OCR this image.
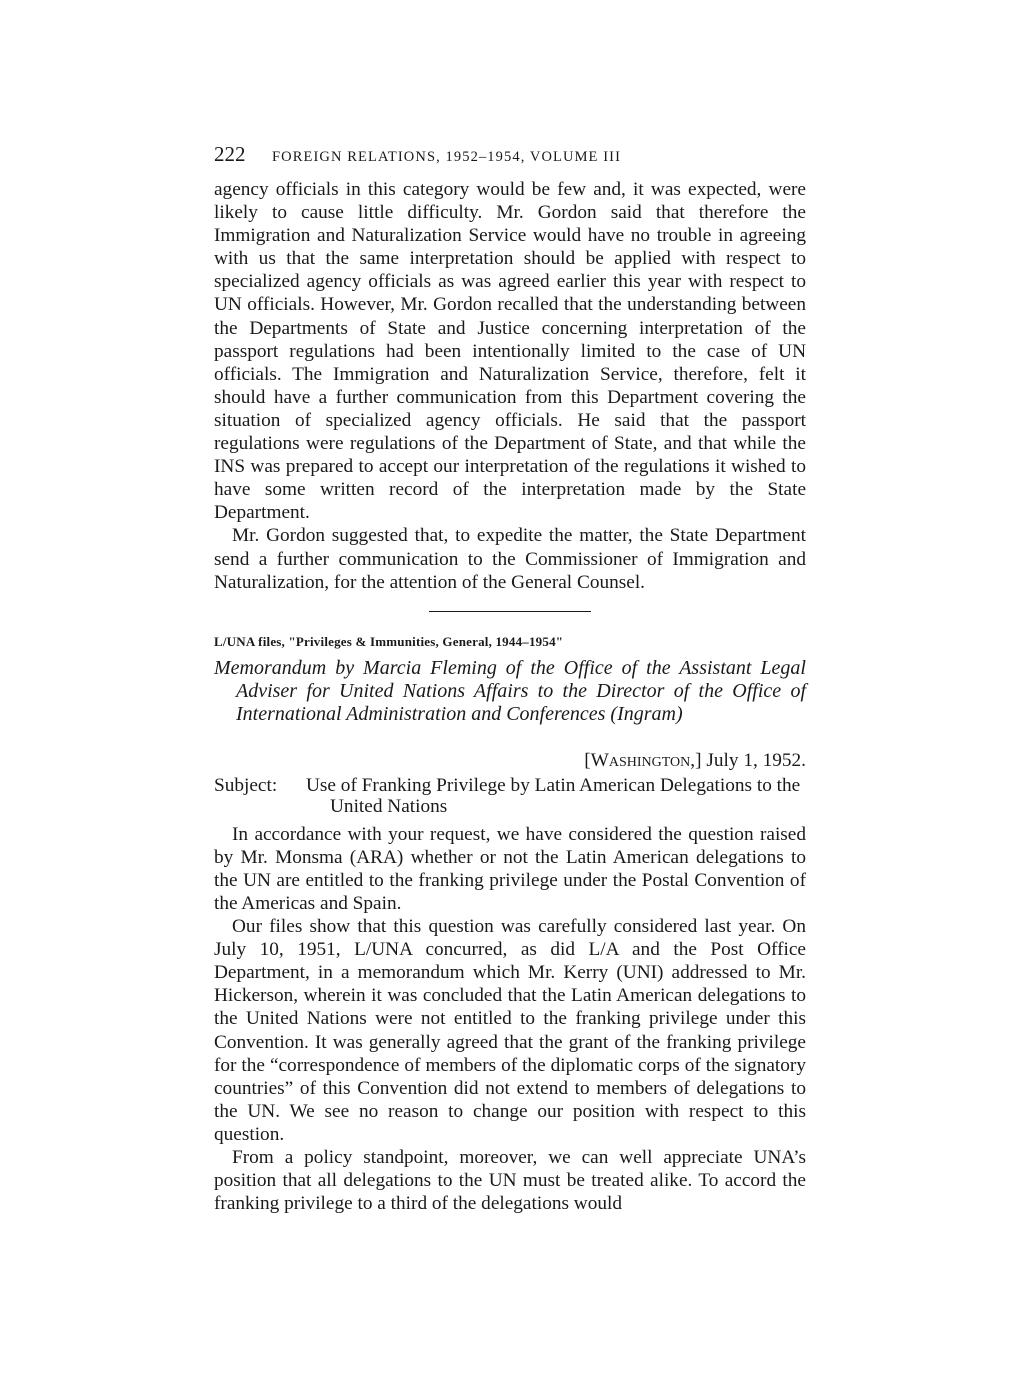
222	FOREIGN RELATIONS, 1952–1954, VOLUME III

agency officials in this category would be few and, it was expected, were likely to cause little difficulty. Mr. Gordon said that therefore the Immigration and Naturalization Service would have no trouble in agreeing with us that the same interpretation should be applied with respect to specialized agency officials as was agreed earlier this year with respect to UN officials. However, Mr. Gordon recalled that the understanding between the Departments of State and Justice concerning interpretation of the passport regulations had been intentionally limited to the case of UN officials. The Immigration and Naturalization Service, therefore, felt it should have a further communication from this Department covering the situation of specialized agency officials. He said that the passport regulations were regulations of the Department of State, and that while the INS was prepared to accept our interpretation of the regulations it wished to have some written record of the interpretation made by the State Department.

Mr. Gordon suggested that, to expedite the matter, the State Department send a further communication to the Commissioner of Immigration and Naturalization, for the attention of the General Counsel.

L/UNA files, "Privileges & Immunities, General, 1944–1954"
Memorandum by Marcia Fleming of the Office of the Assistant Legal Adviser for United Nations Affairs to the Director of the Office of International Administration and Conferences (Ingram)
[Washington,] July 1, 1952.
Subject:	Use of Franking Privilege by Latin American Delegations to the United Nations

In accordance with your request, we have considered the question raised by Mr. Monsma (ARA) whether or not the Latin American delegations to the UN are entitled to the franking privilege under the Postal Convention of the Americas and Spain.

Our files show that this question was carefully considered last year. On July 10, 1951, L/UNA concurred, as did L/A and the Post Office Department, in a memorandum which Mr. Kerry (UNI) addressed to Mr. Hickerson, wherein it was concluded that the Latin American delegations to the United Nations were not entitled to the franking privilege under this Convention. It was generally agreed that the grant of the franking privilege for the “correspondence of members of the diplomatic corps of the signatory countries” of this Convention did not extend to members of delegations to the UN. We see no reason to change our position with respect to this question.

From a policy standpoint, moreover, we can well appreciate UNA’s position that all delegations to the UN must be treated alike. To accord the franking privilege to a third of the delegations would
